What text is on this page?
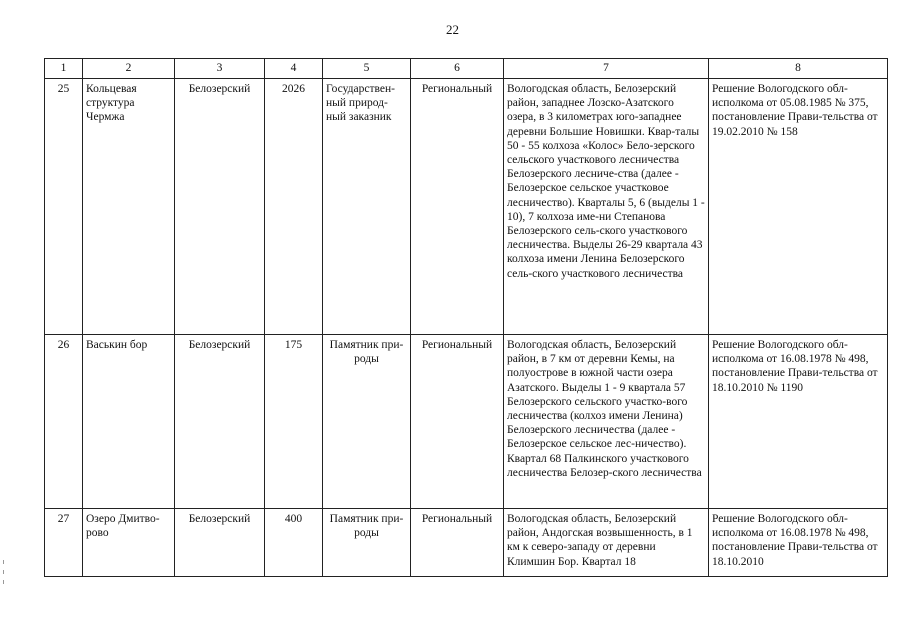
22
1	2	3	4	5	6	7	8
25	Кольцевая структура Чермжа	Белозерский	2026	Государствен-ный природ-ный заказник	Региональный	Вологодская область, Белозерский район, западнее Лозско-Азатского озера, в 3 километрах юго-западнее деревни Большие Новишки. Квар-талы 50 - 55 колхоза «Колос» Бело-зерского сельского участкового лесничества Белозерского лесниче-ства (далее - Белозерское сельское участковое лесничество). Кварталы 5, 6 (выделы 1 - 10), 7 колхоза име-ни Степанова Белозерского сель-ского участкового лесничества. Выделы 26-29 квартала 43 колхоза имени Ленина Белозерского сель-ского участкового лесничества	Решение Вологодского обл-исполкома от 05.08.1985 № 375, постановление Прави-тельства от 19.02.2010 № 158
26	Васькин бор	Белозерский	175	Памятник при-роды	Региональный	Вологодская область, Белозерский район, в 7 км от деревни Кемы, на полуострове в южной части озера Азатского. Выделы 1 - 9 квартала 57 Белозерского сельского участко-вого лесничества (колхоз имени Ленина) Белозерского лесничества (далее - Белозерское сельское лес-ничество). Квартал 68 Палкинского участкового лесничества Белозер-ского лесничества	Решение Вологодского обл-исполкома от 16.08.1978 № 498, постановление Прави-тельства от 18.10.2010 № 1190
27	Озеро Дмитво-рово	Белозерский	400	Памятник при-роды	Региональный	Вологодская область, Белозерский район, Андогская возвышенность, в 1 км к северо-западу от деревни Климшин Бор. Квартал 18	Решение Вологодского обл-исполкома от 16.08.1978 № 498, постановление Прави-тельства от 18.10.2010
